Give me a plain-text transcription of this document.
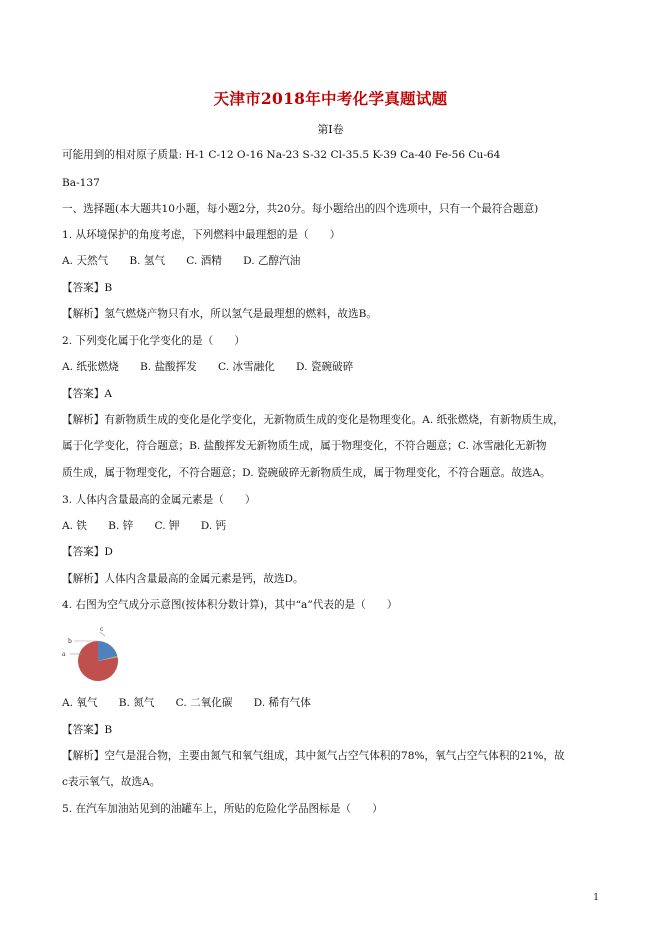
天津市2018年中考化学真题试题
第Ⅰ卷
可能用到的相对原子质量: H-1 C-12 O-16 Na-23 S-32 Cl-35.5 K-39 Ca-40 Fe-56 Cu-64
Ba-137
一、选择题(本大题共10小题，每小题2分，共20分。每小题给出的四个选项中，只有一个最符合题意)
1. 从环境保护的角度考虑，下列燃料中最理想的是（　　）
A. 天然气　　B. 氢气　　C. 酒精　　D. 乙醇汽油
【答案】B
【解析】氢气燃烧产物只有水，所以氢气是最理想的燃料，故选B。
2. 下列变化属于化学变化的是（　　）
A. 纸张燃烧　　B. 盐酸挥发　　C. 冰雪融化　　D. 瓷碗破碎
【答案】A
【解析】有新物质生成的变化是化学变化，无新物质生成的变化是物理变化。A. 纸张燃烧，有新物质生成，
属于化学变化，符合题意；B. 盐酸挥发无新物质生成，属于物理变化，不符合题意；C. 冰雪融化无新物
质生成，属于物理变化，不符合题意；D. 瓷碗破碎无新物质生成，属于物理变化，不符合题意。故选A。
3. 人体内含量最高的金属元素是（　　）
A. 铁　　B. 锌　　C. 钾　　D. 钙
【答案】D
【解析】人体内含量最高的金属元素是钙，故选D。
4. 右图为空气成分示意图(按体积分数计算)，其中“a”代表的是（　　）
b
a
c
A. 氧气　　B. 氮气　　C. 二氧化碳　　D. 稀有气体
【答案】B
【解析】空气是混合物，主要由氮气和氧气组成，其中氮气占空气体积的78%，氧气占空气体积的21%，故
c表示氧气，故选A。
5. 在汽车加油站见到的油罐车上，所贴的危险化学品图标是（　　）
1
